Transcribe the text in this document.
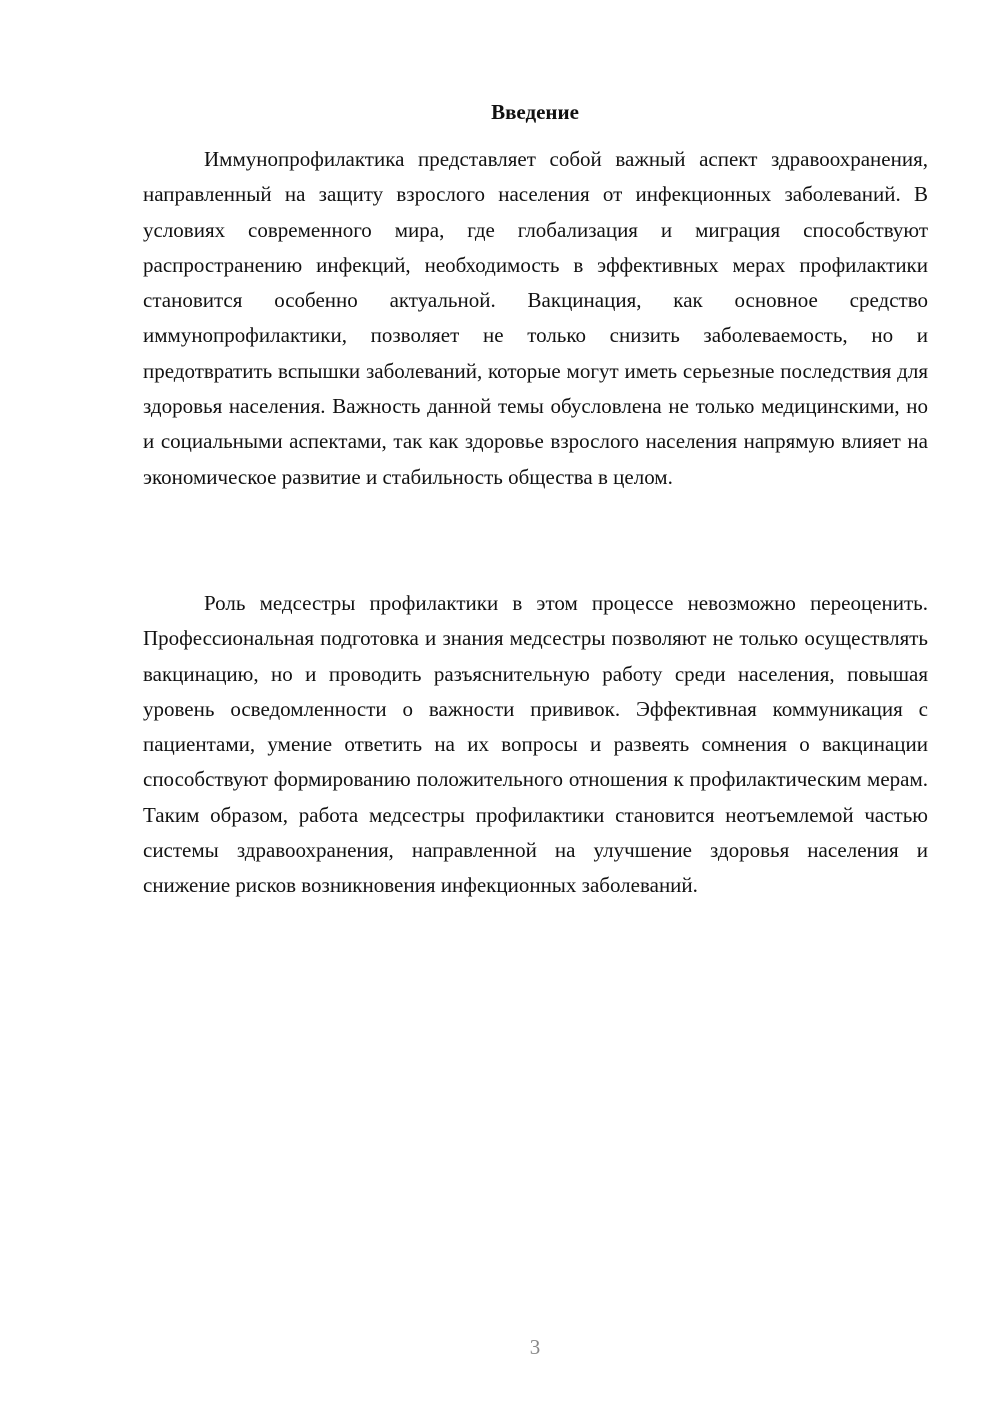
Введение

Иммунопрофилактика представляет собой важный аспект здравоохранения, направленный на защиту взрослого населения от инфекционных заболеваний. В условиях современного мира, где глобализация и миграция способствуют распространению инфекций, необходимость в эффективных мерах профилактики становится особенно актуальной. Вакцинация, как основное средство иммунопрофилактики, позволяет не только снизить заболеваемость, но и предотвратить вспышки заболеваний, которые могут иметь серьезные последствия для здоровья населения. Важность данной темы обусловлена не только медицинскими, но и социальными аспектами, так как здоровье взрослого населения напрямую влияет на экономическое развитие и стабильность общества в целом.

Роль медсестры профилактики в этом процессе невозможно переоценить. Профессиональная подготовка и знания медсестры позволяют не только осуществлять вакцинацию, но и проводить разъяснительную работу среди населения, повышая уровень осведомленности о важности прививок. Эффективная коммуникация с пациентами, умение ответить на их вопросы и развеять сомнения о вакцинации способствуют формированию положительного отношения к профилактическим мерам. Таким образом, работа медсестры профилактики становится неотъемлемой частью системы здравоохранения, направленной на улучшение здоровья населения и снижение рисков возникновения инфекционных заболеваний.

3
